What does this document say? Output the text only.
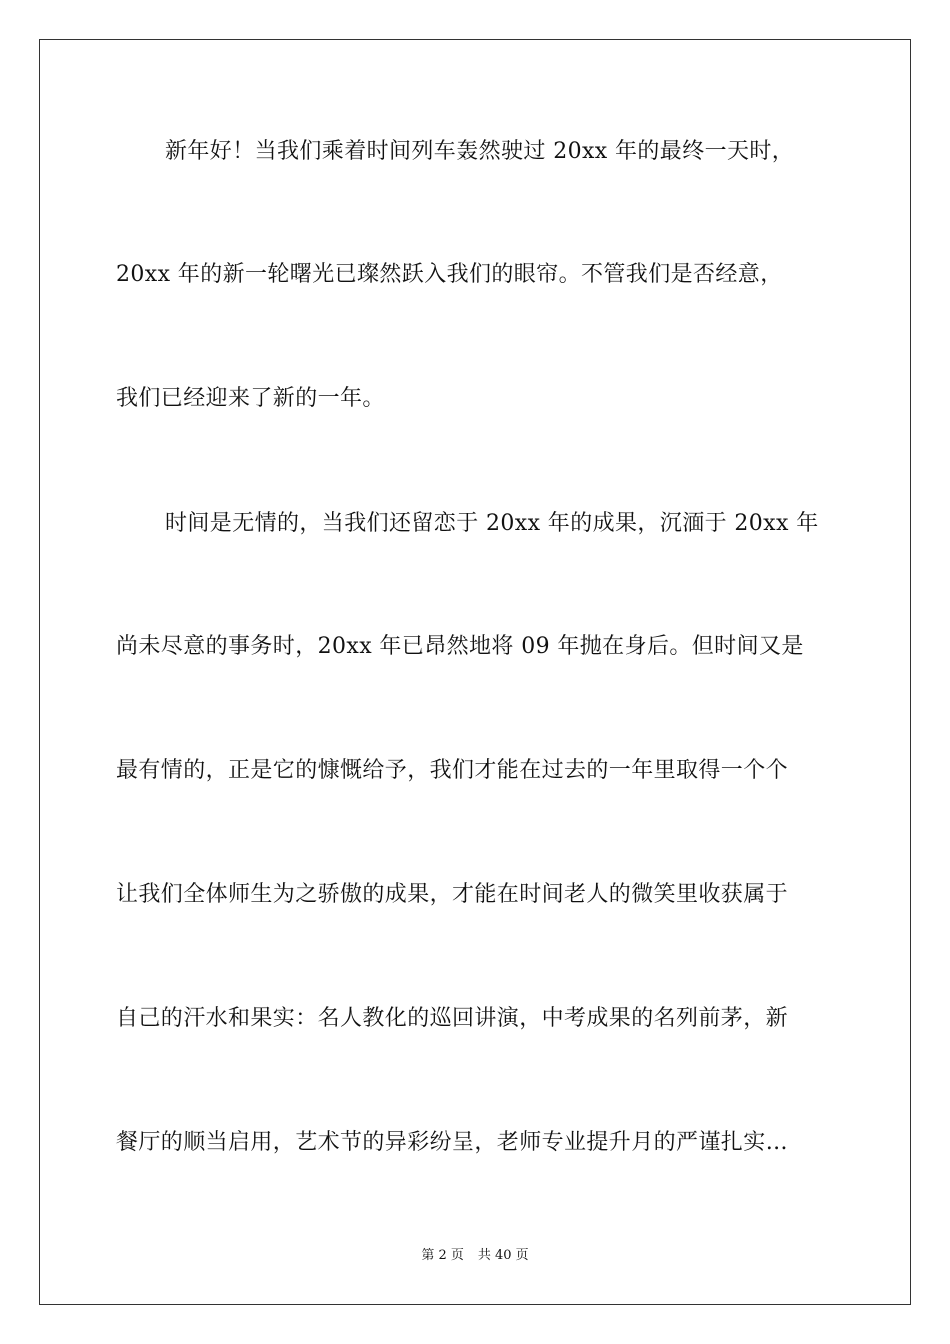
新年好！当我们乘着时间列车轰然驶过 20xx 年的最终一天时，
20xx 年的新一轮曙光已璨然跃入我们的眼帘。不管我们是否经意，
我们已经迎来了新的一年。
时间是无情的，当我们还留恋于 20xx 年的成果，沉湎于 20xx 年
尚未尽意的事务时，20xx 年已昂然地将 09 年抛在身后。但时间又是
最有情的，正是它的慷慨给予，我们才能在过去的一年里取得一个个
让我们全体师生为之骄傲的成果，才能在时间老人的微笑里收获属于
自己的汗水和果实：名人教化的巡回讲演，中考成果的名列前茅，新
餐厅的顺当启用，艺术节的异彩纷呈，老师专业提升月的严谨扎实…
第 2 页 共 40 页
